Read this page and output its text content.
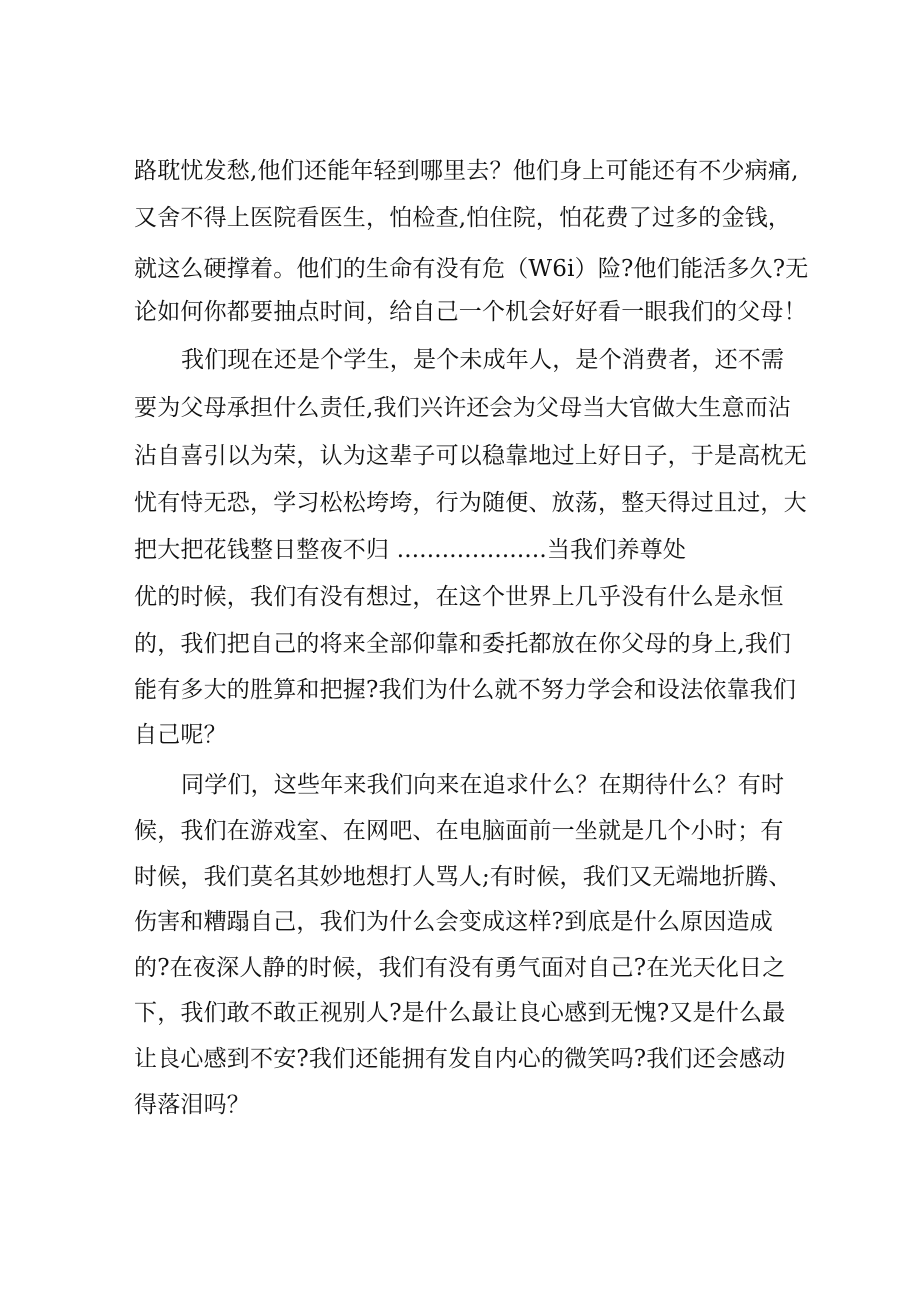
路耽忧发愁,他们还能年轻到哪里去？他们身上可能还有不少病痛,
又舍不得上医院看医生，怕检查,怕住院，怕花费了过多的金钱，
就这么硬撑着。他们的生命有没有危（W6i）险?他们能活多久?无
论如何你都要抽点时间，给自己一个机会好好看一眼我们的父母！
我们现在还是个学生，是个未成年人，是个消费者，还不需
要为父母承担什么责任,我们兴许还会为父母当大官做大生意而沾
沾自喜引以为荣，认为这辈子可以稳靠地过上好日子，于是高枕无
忧有恃无恐，学习松松垮垮，行为随便、放荡，整天得过且过，大
把大把花钱整日整夜不归 ....................当我们养尊处
优的时候，我们有没有想过，在这个世界上几乎没有什么是永恒
的，我们把自己的将来全部仰靠和委托都放在你父母的身上,我们
能有多大的胜算和把握?我们为什么就不努力学会和设法依靠我们
自己呢？
同学们，这些年来我们向来在追求什么？在期待什么？有时
候，我们在游戏室、在网吧、在电脑面前一坐就是几个小时；有
时候，我们莫名其妙地想打人骂人;有时候，我们又无端地折腾、
伤害和糟蹋自己，我们为什么会变成这样?到底是什么原因造成
的?在夜深人静的时候，我们有没有勇气面对自己?在光天化日之
下，我们敢不敢正视别人?是什么最让良心感到无愧?又是什么最
让良心感到不安?我们还能拥有发自内心的微笑吗?我们还会感动
得落泪吗？
